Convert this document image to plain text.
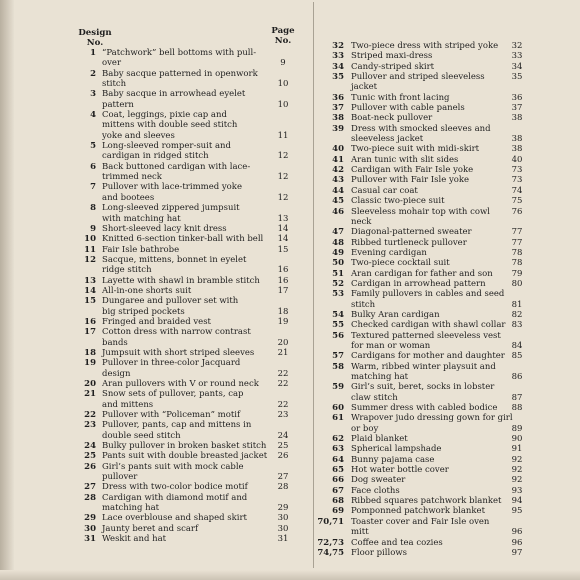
Design
No.
Page
No.
1 “Patchwork” bell bottoms with pull-
over	9
2 Baby sacque patterned in openwork
stitch	10
3 Baby sacque in arrowhead eyelet
pattern	10
4 Coat, leggings, pixie cap and
mittens with double seed stitch
yoke and sleeves	11
5 Long-sleeved romper-suit and
cardigan in ridged stitch	12
6 Back buttoned cardigan with lace-
trimmed neck	12
7 Pullover with lace-trimmed yoke
and bootees	12
8 Long-sleeved zippered jumpsuit
with matching hat	13
9 Short-sleeved lacy knit dress	14
10 Knitted 6-section tinker-ball with bell	14
11 Fair Isle bathrobe	15
12 Sacque, mittens, bonnet in eyelet
ridge stitch	16
13 Layette with shawl in bramble stitch	16
14 All-in-one shorts suit	17
15 Dungaree and pullover set with
big striped pockets	18
16 Fringed and braided vest	19
17 Cotton dress with narrow contrast
bands	20
18 Jumpsuit with short striped sleeves	21
19 Pullover in three-color Jacquard
design	22
20 Aran pullovers with V or round neck	22
21 Snow sets of pullover, pants, cap
and mittens	22
22 Pullover with “Policeman” motif	23
23 Pullover, pants, cap and mittens in
double seed stitch	24
24 Bulky pullover in broken basket stitch	25
25 Pants suit with double breasted jacket	26
26 Girl’s pants suit with mock cable
pullover	27
27 Dress with two-color bodice motif	28
28 Cardigan with diamond motif and
matching hat	29
29 Lace overblouse and shaped skirt	30
30 Jaunty beret and scarf	30
31 Weskit and hat	31
32 Two-piece dress with striped yoke	32
33 Striped maxi-dress	33
34 Candy-striped skirt	34
35 Pullover and striped sleeveless jacket
35
36 Tunic with front lacing	36
37 Pullover with cable panels	37
38 Boat-neck pullover	38
39 Dress with smocked sleeves and
sleeveless jacket	38
40 Two-piece suit with midi-skirt	38
41 Aran tunic with slit sides	40
42 Cardigan with Fair Isle yoke	73
43 Pullover with Fair Isle yoke	73
44 Casual car coat	74
45 Classic two-piece suit	75
46 Sleeveless mohair top with cowl neck
76
47 Diagonal-patterned sweater	77
48 Ribbed turtleneck pullover	77
49 Evening cardigan	78
50 Two-piece cocktail suit	78
51 Aran cardigan for father and son	79
52 Cardigan in arrowhead pattern	80
53 Family pullovers in cables and seed
stitch	81
54 Bulky Aran cardigan	82
55 Checked cardigan with shawl collar 83
56 Textured patterned sleeveless vest
for man or woman	84
57 Cardigans for mother and daughter 85
58 Warm, ribbed winter playsuit and
matching hat	86
59 Girl’s suit, beret, socks in lobster
claw stitch	87
60 Summer dress with cabled bodice	88
61 Wrapover judo dressing gown for girl
or boy	89
62 Plaid blanket	90
63 Spherical lampshade	91
64 Bunny pajama case	92
65 Hot water bottle cover	92
66 Dog sweater	92
67 Face cloths	93
68 Ribbed squares patchwork blanket	94
69 Pomponned patchwork blanket	95
70,71 Toaster cover and Fair Isle oven
mitt	96
72,73 Coffee and tea cozies	96
74,75 Floor pillows	97
